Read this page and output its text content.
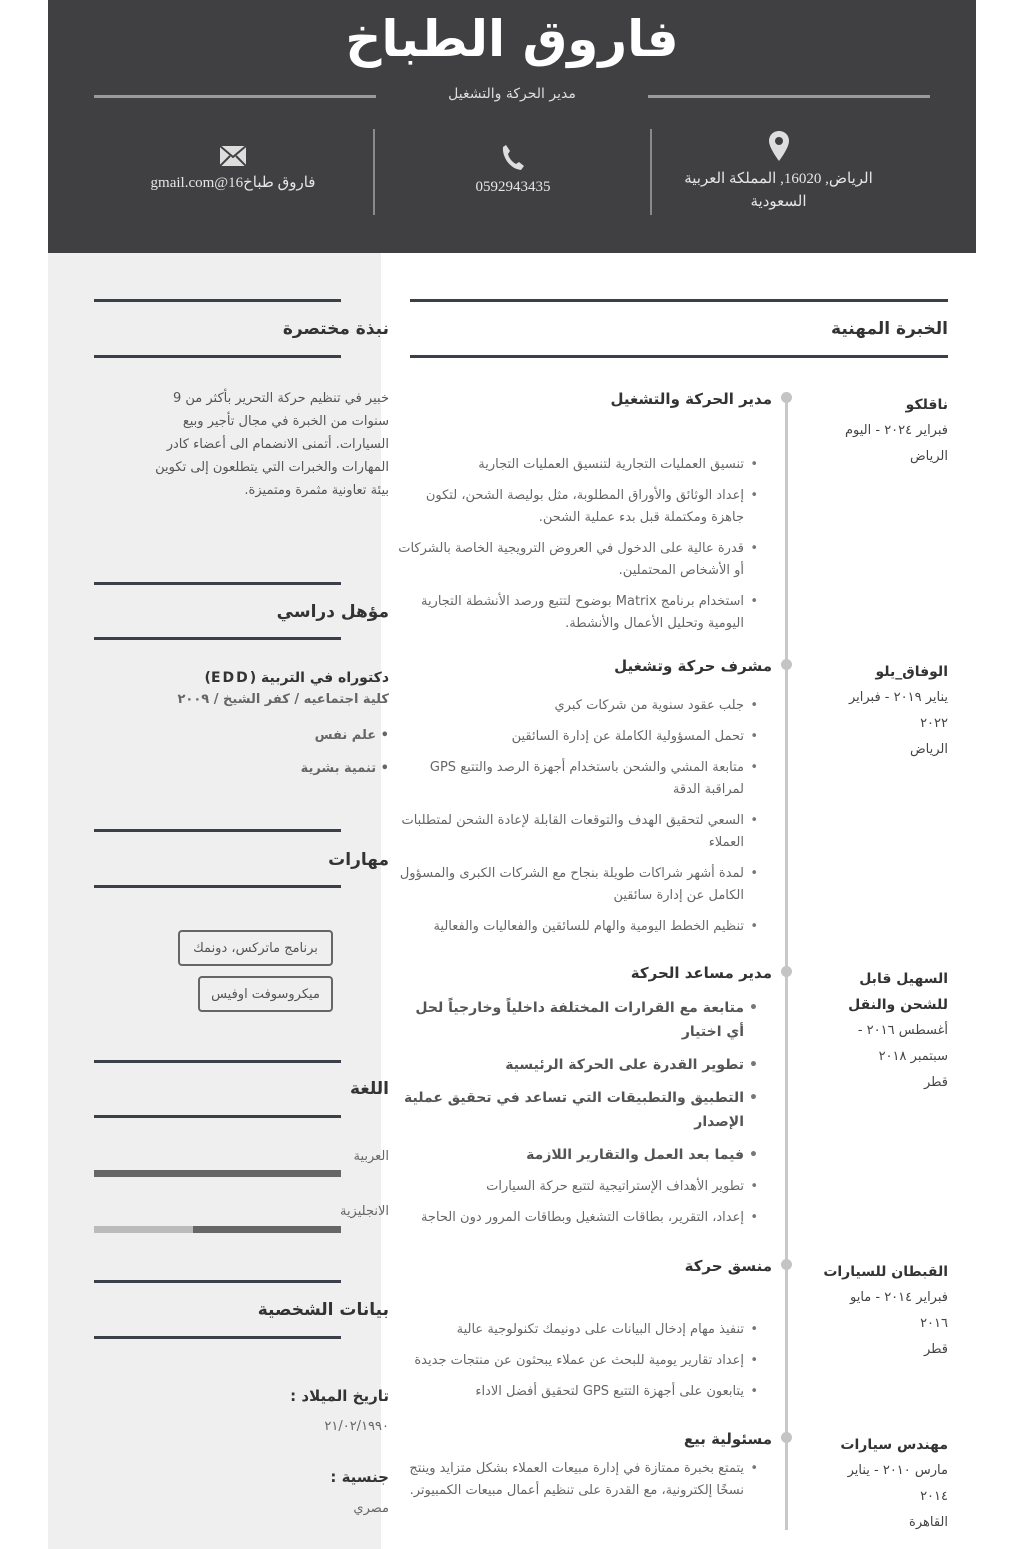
فاروق الطباخ
مدير الحركة والتشغيل
الرياض, 16020, المملكة العربية السعودية
0592943435
فاروق طباخ16@gmail.com
نبذة مختصرة
خبير في تنظيم حركة التحرير بأكثر من 9 سنوات من الخبرة في مجال تأجير وبيع السيارات. أتمنى الانضمام الى أعضاء كادر المهارات والخبرات التي يتطلعون إلى تكوين بيئة تعاونية مثمرة ومتميزة.
مؤهل دراسي
دكتوراه في التربية (EDD)
كلية اجتماعيه / كفر الشيخ / ٢٠٠٩
• علم نفس
• تنمية بشرية
مهارات
برنامج ماتركس، دونمك
ميكروسوفت اوفيس
اللغة
العربية
الانجليزية
بيانات الشخصية
تاريخ الميلاد :
٢١/٠٢/١٩٩٠
جنسية :
مصري
الخبرة المهنية
ناقلكو
فبراير ٢٠٢٤ - اليوم
الرياض
مدير الحركة والتشغيل
• تنسيق العمليات التجارية لتنسيق العمليات التجارية
• إعداد الوثائق والأوراق المطلوبة، مثل بوليصة الشحن، لتكون جاهزة ومكتملة قبل بدء عملية الشحن.
• قدرة عالية على الدخول في العروض الترويجية الخاصة بالشركات أو الأشخاص المحتملين.
• استخدام برنامج Matrix بوضوح لتتبع ورصد الأنشطة التجارية اليومية وتحليل الأعمال والأنشطة.
الوفاق_يلو
يناير ٢٠١٩ - فبراير
٢٠٢٢
الرياض
مشرف حركة وتشغيل
• جلب عقود سنوية من شركات كبري
• تحمل المسؤولية الكاملة عن إدارة السائقين
• متابعة المشي والشحن باستخدام أجهزة الرصد والتتبع GPS لمراقبة الدقة
• السعي لتحقيق الهدف والتوقعات القابلة لإعادة الشحن لمتطلبات العملاء
• لمدة أشهر شراكات طويلة بنجاح مع الشركات الكبرى والمسؤول الكامل عن إدارة سائقين
• تنظيم الخطط اليومية والهام للسائقين والفعاليات والفعالية
السهيل قابل للشحن والنقل
أغسطس ٢٠١٦ -
سبتمبر ٢٠١٨
قطر
مدير مساعد الحركة
• متابعة مع القرارات المختلفة داخلياً وخارجياً لحل أي اختيار
• تطوير القدرة على الحركة الرئيسية
• التطبيق والتطبيقات التي تساعد في تحقيق عملية الإصدار
• فيما بعد العمل والتقارير اللازمة
• تطوير الأهداف الإستراتيجية لتتبع حركة السيارات
• إعداد، التقرير، بطاقات التشغيل وبطاقات المرور دون الحاجة
القبطان للسيارات
فبراير ٢٠١٤ - مايو
٢٠١٦
قطر
منسق حركة
• تنفيذ مهام إدخال البيانات على دونيمك تكنولوجية عالية
• إعداد تقارير يومية للبحث عن عملاء يبحثون عن منتجات جديدة
• يتابعون على أجهزة التتبع GPS لتحقيق أفضل الاداء
مهندس سيارات
مارس ٢٠١٠ - يناير
٢٠١٤
القاهرة
مسئولية بيع
• يتمتع بخبرة ممتازة في إدارة مبيعات العملاء بشكل متزايد وينتج نسخًا إلكترونية، مع القدرة على تنظيم أعمال مبيعات الكمبيوتر.
